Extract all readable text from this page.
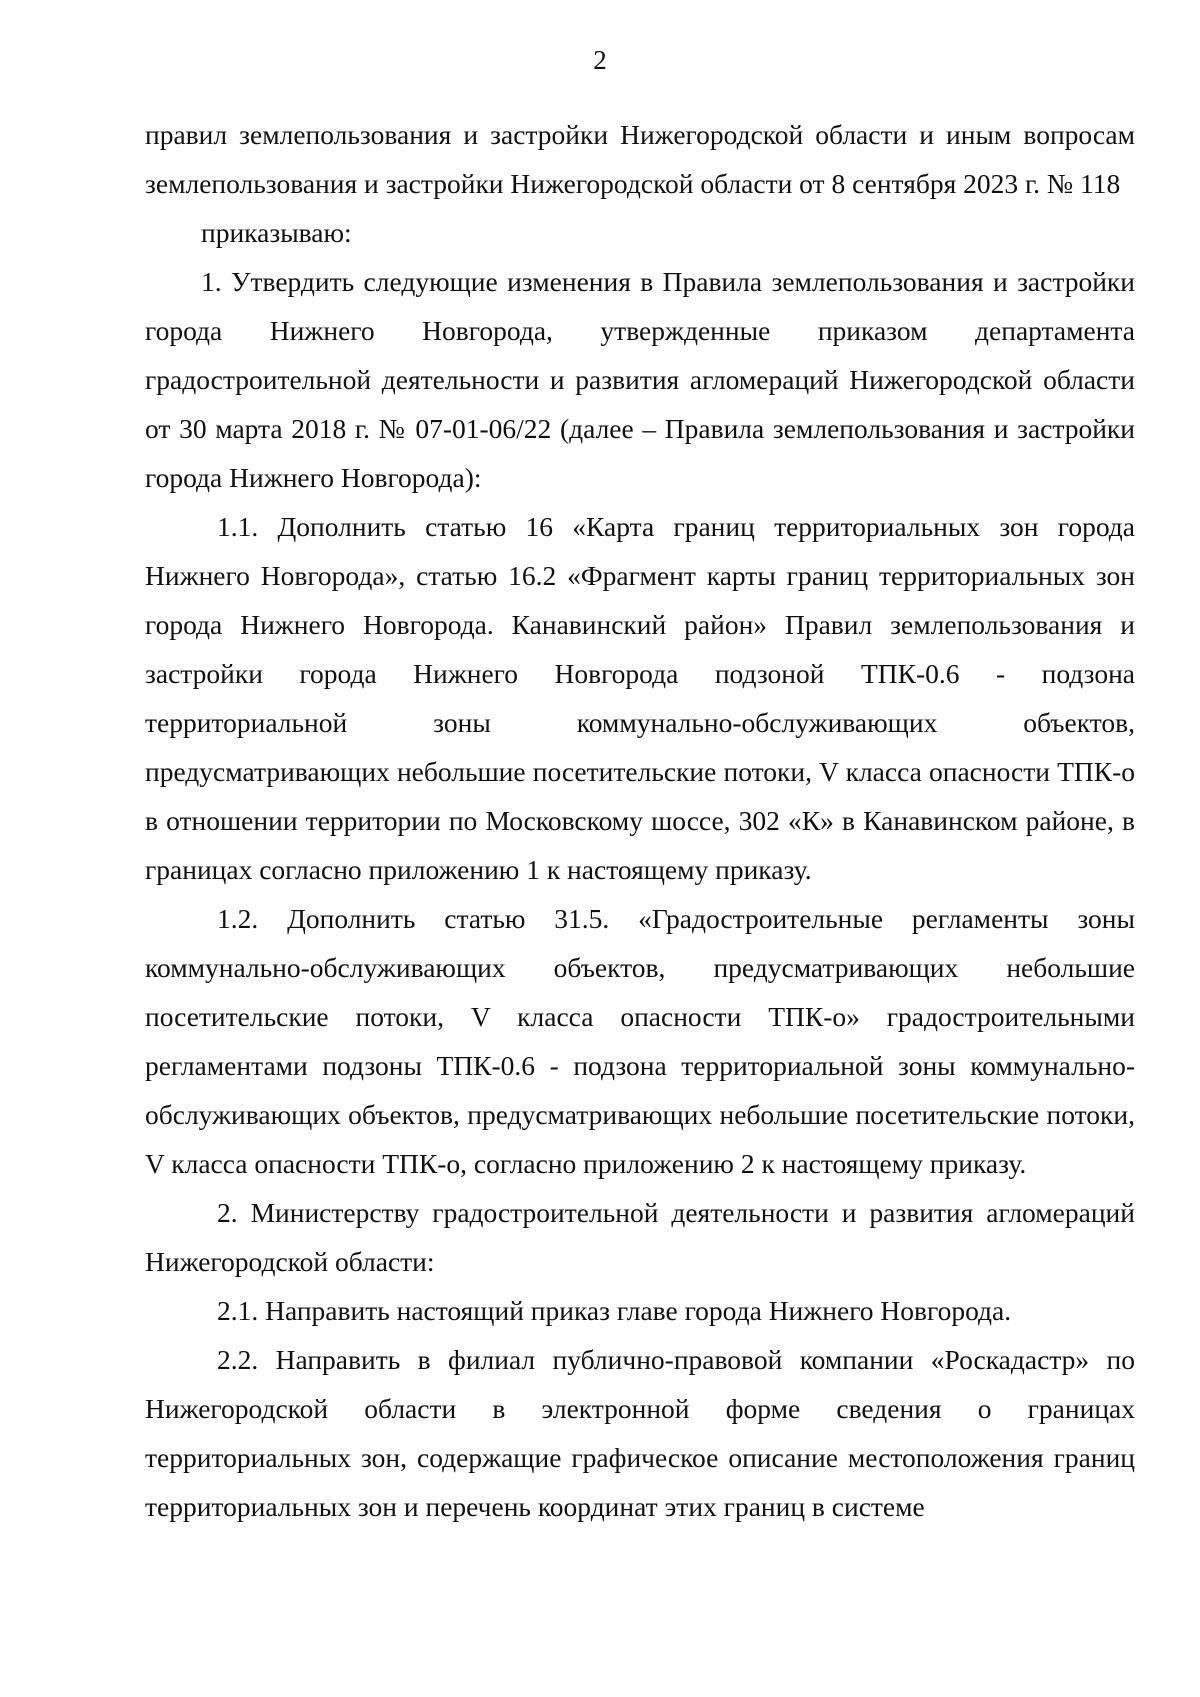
2

правил землепользования и застройки Нижегородской области и иным вопросам землепользования и застройки Нижегородской области от 8 сентября 2023 г. № 118

приказываю:

1. Утвердить следующие изменения в Правила землепользования и застройки города Нижнего Новгорода, утвержденные приказом департамента градостроительной деятельности и развития агломераций Нижегородской области от 30 марта 2018 г. № 07-01-06/22 (далее – Правила землепользования и застройки города Нижнего Новгорода):

1.1. Дополнить статью 16 «Карта границ территориальных зон города Нижнего Новгорода», статью 16.2 «Фрагмент карты границ территориальных зон города Нижнего Новгорода. Канавинский район» Правил землепользования и застройки города Нижнего Новгорода подзоной ТПК-0.6 - подзона территориальной зоны коммунально-обслуживающих объектов, предусматривающих небольшие посетительские потоки, V класса опасности ТПК-о в отношении территории по Московскому шоссе, 302 «К» в Канавинском районе, в границах согласно приложению 1 к настоящему приказу.

1.2. Дополнить статью 31.5. «Градостроительные регламенты зоны коммунально-обслуживающих объектов, предусматривающих небольшие посетительские потоки, V класса опасности ТПК-о» градостроительными регламентами подзоны ТПК-0.6 - подзона территориальной зоны коммунально-обслуживающих объектов, предусматривающих небольшие посетительские потоки, V класса опасности ТПК-о, согласно приложению 2 к настоящему приказу.

2. Министерству градостроительной деятельности и развития агломераций Нижегородской области:

2.1. Направить настоящий приказ главе города Нижнего Новгорода.

2.2. Направить в филиал публично-правовой компании «Роскадастр» по Нижегородской области в электронной форме сведения о границах территориальных зон, содержащие графическое описание местоположения границ территориальных зон и перечень координат этих границ в системе
